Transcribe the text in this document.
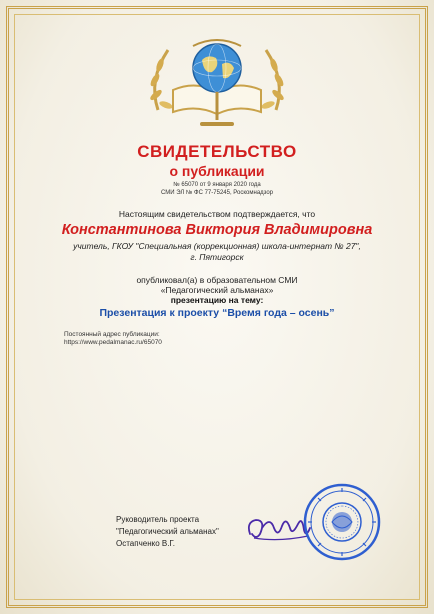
СВИДЕТЕЛЬСТВО
о публикации
№ 65070 от 9 января 2020 года
СМИ ЭЛ № ФС 77-75245, Роскомнадзор
Настоящим свидетельством подтверждается, что
Константинова Виктория Владимировна
учитель, ГКОУ "Специальная (коррекционная) школа-интернат № 27",
г. Пятигорск
опубликовал(а) в образовательном СМИ
«Педагогический альманах»
презентацию на тему:
Презентация к проекту “Время года – осень”
Постоянный адрес публикации:
https://www.pedalmanac.ru/65070
Руководитель проекта
"Педагогический альманах"
Остапченко В.Г.
